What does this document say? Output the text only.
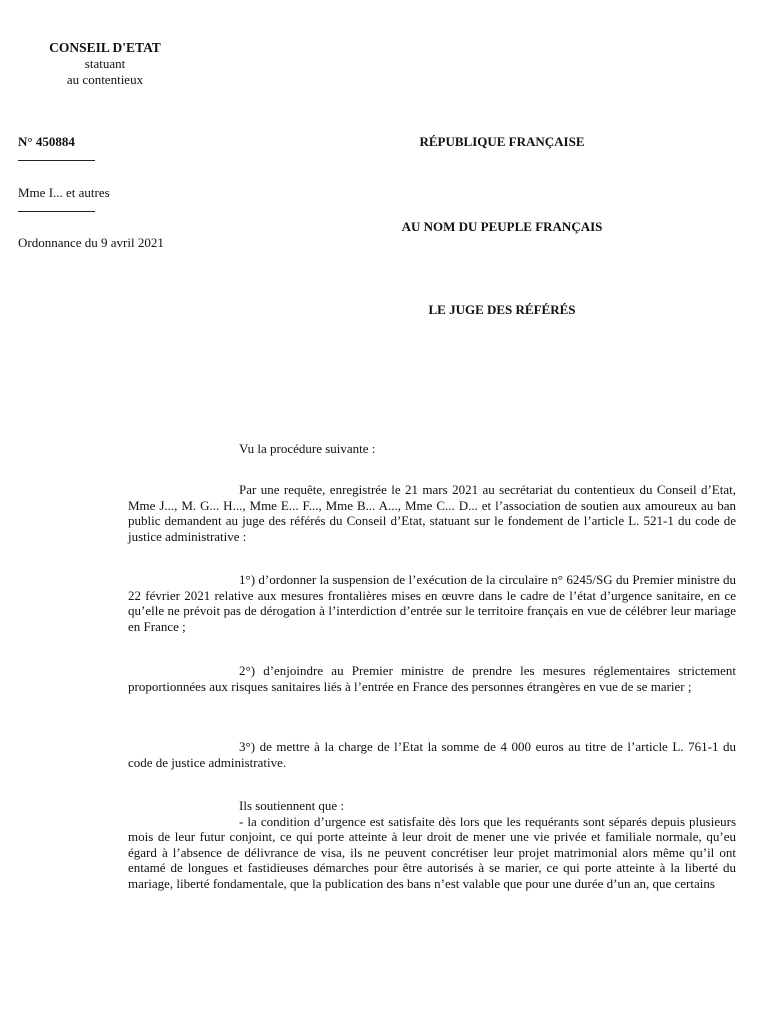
CONSEIL D'ETAT
statuant
au contentieux
N° 450884
Mme I... et autres
Ordonnance du 9 avril 2021
RÉPUBLIQUE FRANÇAISE
AU NOM DU PEUPLE FRANÇAIS
LE JUGE DES RÉFÉRÉS
Vu la procédure suivante :

Par une requête, enregistrée le 21 mars 2021 au secrétariat du contentieux du Conseil d’Etat, Mme J..., M. G... H..., Mme E... F..., Mme B... A..., Mme C... D... et l’association de soutien aux amoureux au ban public demandent au juge des référés du Conseil d’Etat, statuant sur le fondement de l’article L. 521-1 du code de justice administrative :

1°) d’ordonner la suspension de l’exécution de la circulaire n° 6245/SG du Premier ministre du 22 février 2021 relative aux mesures frontalières mises en œuvre dans le cadre de l’état d’urgence sanitaire, en ce qu’elle ne prévoit pas de dérogation à l’interdiction d’entrée sur le territoire français en vue de célébrer leur mariage en France ;

2°) d’enjoindre au Premier ministre de prendre les mesures réglementaires strictement proportionnées aux risques sanitaires liés à l’entrée en France des personnes étrangères en vue de se marier ;

3°) de mettre à la charge de l’Etat la somme de 4 000 euros au titre de l’article L. 761-1 du code de justice administrative.

Ils soutiennent que :

- la condition d’urgence est satisfaite dès lors que les requérants sont séparés depuis plusieurs mois de leur futur conjoint, ce qui porte atteinte à leur droit de mener une vie privée et familiale normale, qu’eu égard à l’absence de délivrance de visa, ils ne peuvent concrétiser leur projet matrimonial alors même qu’il ont entamé de longues et fastidieuses démarches pour être autorisés à se marier, ce qui porte atteinte à la liberté du mariage, liberté fondamentale, que la publication des bans n’est valable que pour une durée d’un an, que certains
